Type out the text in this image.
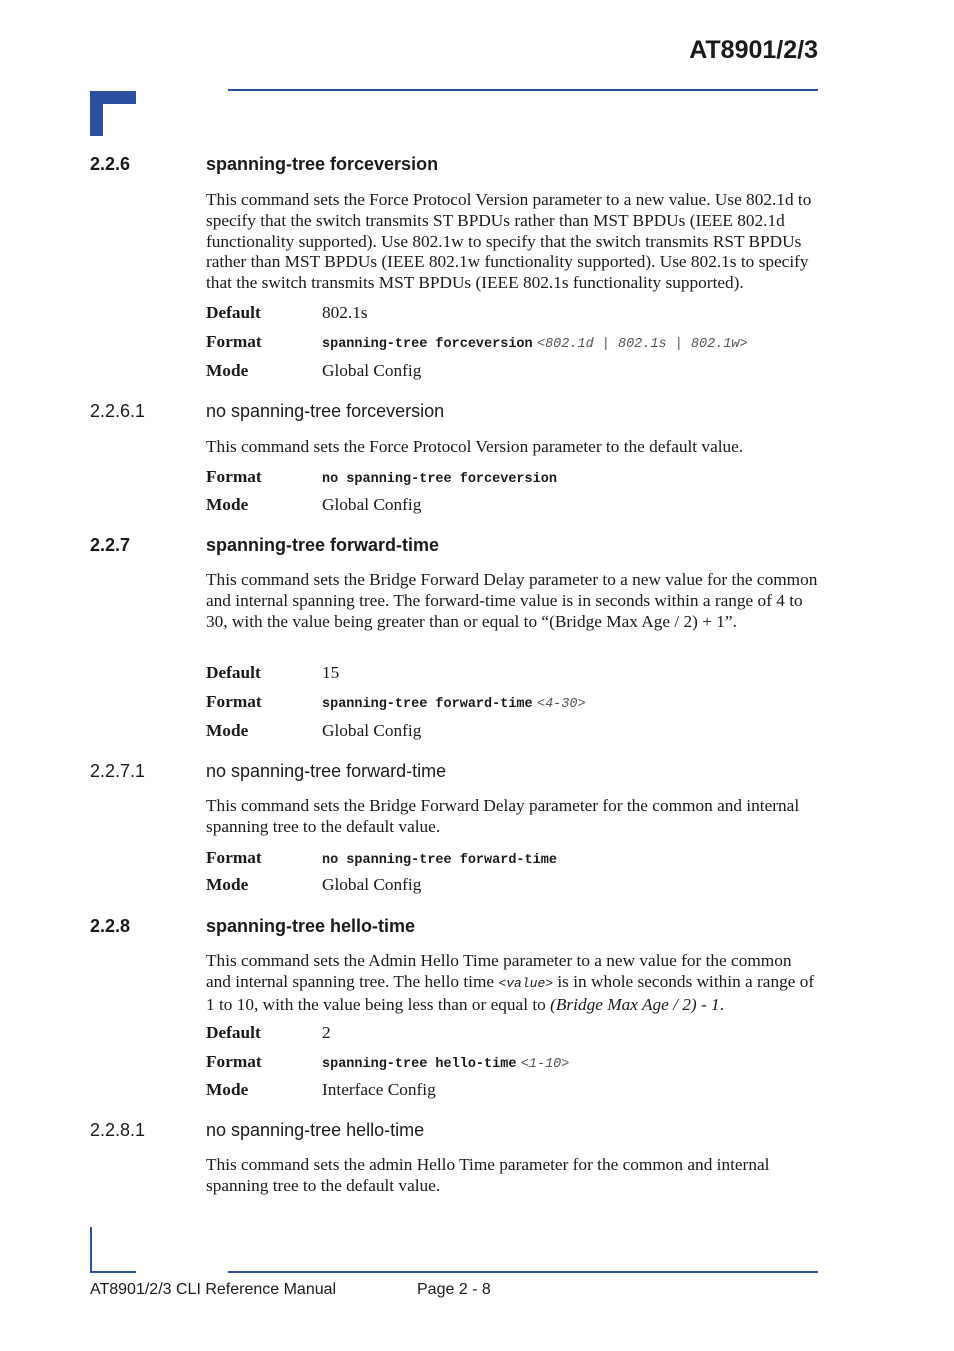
AT8901/2/3
2.2.6	spanning-tree forceversion
This command sets the Force Protocol Version parameter to a new value. Use 802.1d to specify that the switch transmits ST BPDUs rather than MST BPDUs (IEEE 802.1d functionality supported). Use 802.1w to specify that the switch transmits RST BPDUs rather than MST BPDUs (IEEE 802.1w functionality supported). Use 802.1s to specify that the switch transmits MST BPDUs (IEEE 802.1s functionality supported).
Default	802.1s
Format	spanning-tree forceversion <802.1d | 802.1s | 802.1w>
Mode	Global Config
2.2.6.1	no spanning-tree forceversion
This command sets the Force Protocol Version parameter to the default value.
Format	no spanning-tree forceversion
Mode	Global Config
2.2.7	spanning-tree forward-time
This command sets the Bridge Forward Delay parameter to a new value for the common and internal spanning tree. The forward-time value is in seconds within a range of 4 to 30, with the value being greater than or equal to “(Bridge Max Age / 2) + 1”.
Default	15
Format	spanning-tree forward-time <4-30>
Mode	Global Config
2.2.7.1	no spanning-tree forward-time
This command sets the Bridge Forward Delay parameter for the common and internal spanning tree to the default value.
Format	no spanning-tree forward-time
Mode	Global Config
2.2.8	spanning-tree hello-time
This command sets the Admin Hello Time parameter to a new value for the common and internal spanning tree. The hello time <value> is in whole seconds within a range of 1 to 10, with the value being less than or equal to (Bridge Max Age / 2) - 1.
Default	2
Format	spanning-tree hello-time <1-10>
Mode	Interface Config
2.2.8.1	no spanning-tree hello-time
This command sets the admin Hello Time parameter for the common and internal spanning tree to the default value.
AT8901/2/3 CLI Reference Manual	Page 2 - 8
